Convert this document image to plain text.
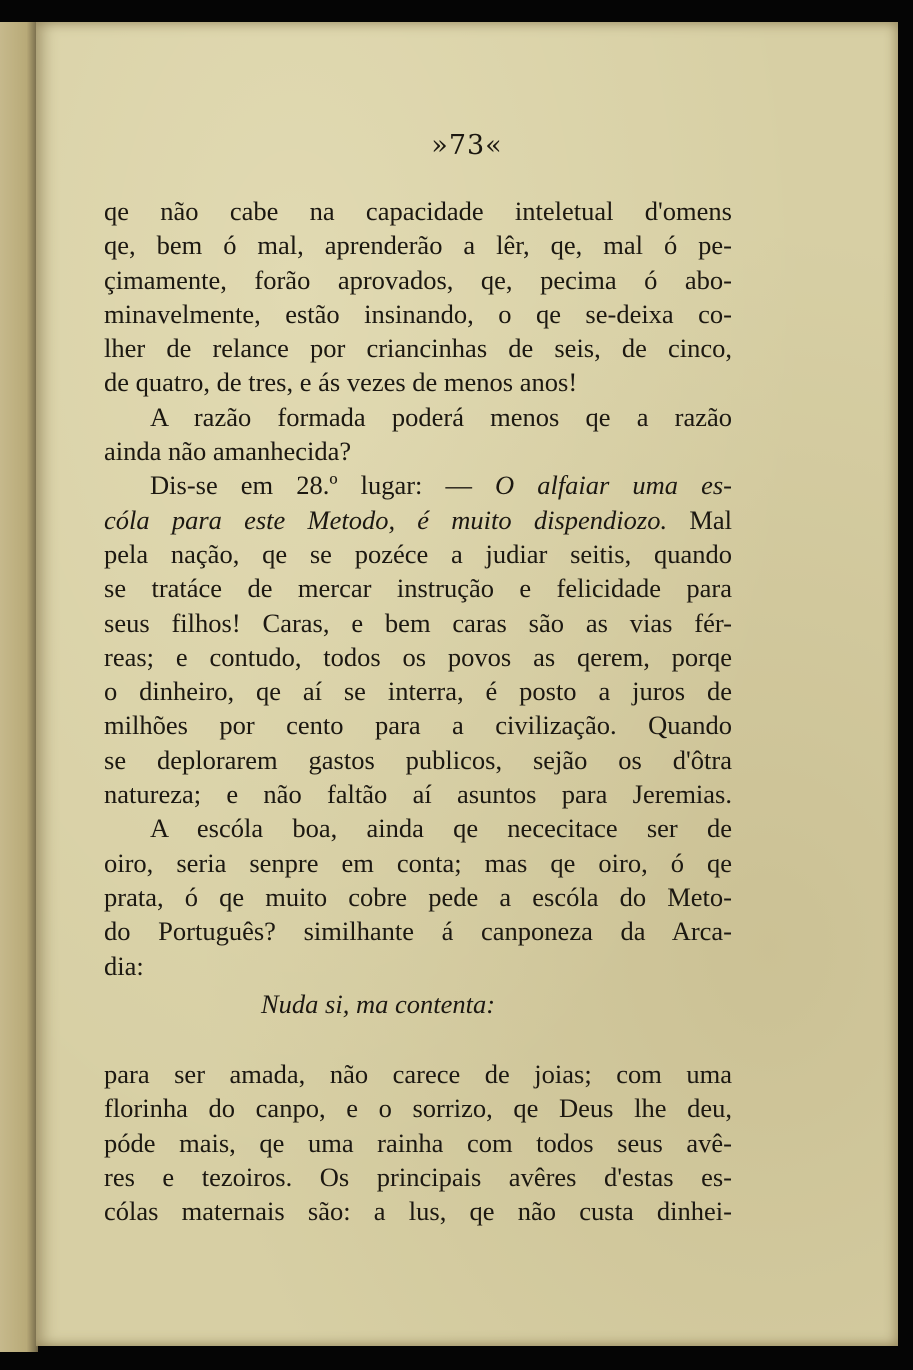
»73«
qe não cabe na capacidade inteletual d'omens
qe, bem ó mal, aprenderão a lêr, qe, mal ó pe-
çimamente, forão aprovados, qe, pecima ó abo-
minavelmente, estão insinando, o qe se-deixa co-
lher de relance por criancinhas de seis, de cinco,
de quatro, de tres, e ás vezes de menos anos!
A razão formada poderá menos qe a razão
ainda não amanhecida?
Dis-se em 28.º lugar: — O alfaiar uma es-
cóla para este Metodo, é muito dispendiozo. Mal
pela nação, qe se pozéce a judiar seitis, quando
se tratáce de mercar instrução e felicidade para
seus filhos! Caras, e bem caras são as vias fér-
reas; e contudo, todos os povos as qerem, porqe
o dinheiro, qe aí se interra, é posto a juros de
milhões por cento para a civilização. Quando
se deplorarem gastos publicos, sejão os d'ôtra
natureza; e não faltão aí asuntos para Jeremias.
A escóla boa, ainda qe nececitace ser de
oiro, seria senpre em conta; mas qe oiro, ó qe
prata, ó qe muito cobre pede a escóla do Meto-
do Português? similhante á canponeza da Arca-
dia:
Nuda si, ma contenta:
para ser amada, não carece de joias; com uma
florinha do canpo, e o sorrizo, qe Deus lhe deu,
póde mais, qe uma rainha com todos seus avê-
res e tezoiros. Os principais avêres d'estas es-
cólas maternais são: a lus, qe não custa dinhei-
